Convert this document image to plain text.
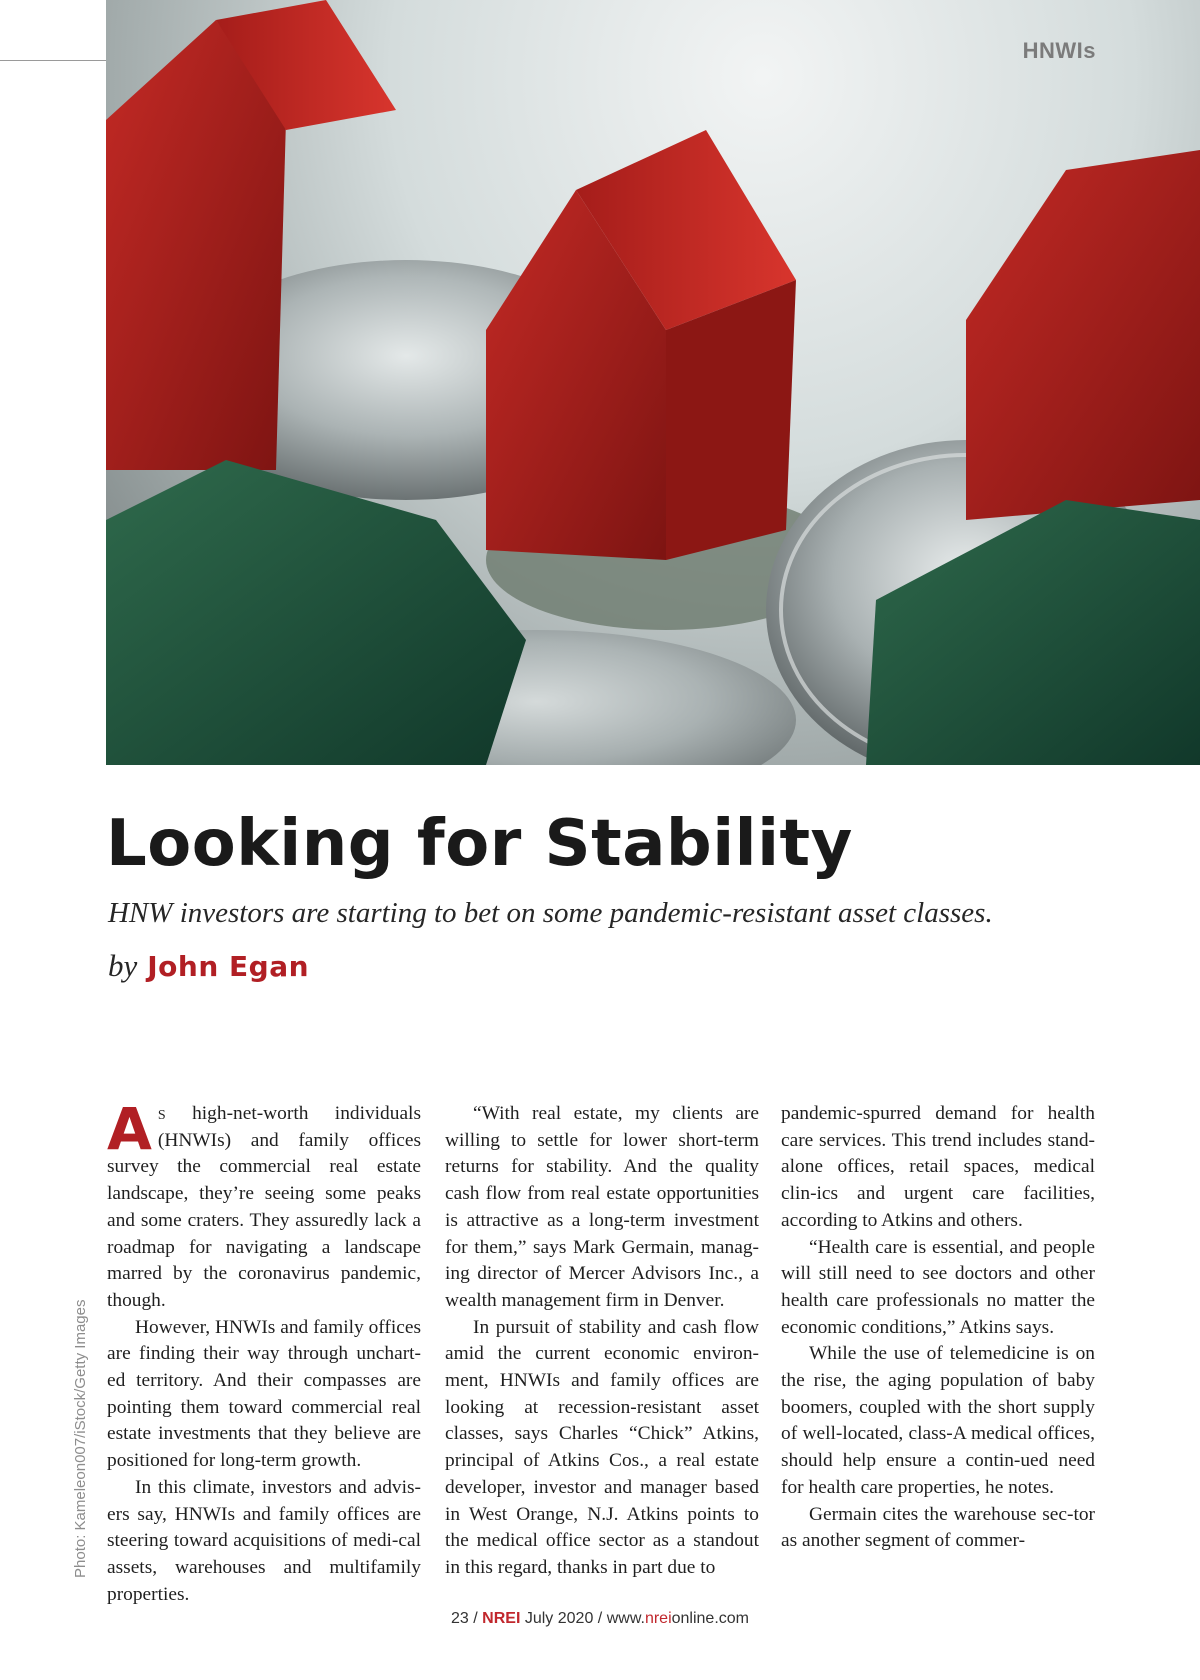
HNWIs
Photo: Kameleon007/iStock/Getty Images
Looking for Stability

HNW investors are starting to bet on some pandemic-resistant asset classes.

by John Egan

As high-net-worth individuals (HNWIs) and family offices survey the commercial real estate landscape, they’re seeing some peaks and some craters. They assuredly lack a roadmap for navigating a landscape marred by the coronavirus pandemic, though.

However, HNWIs and family offices are finding their way through unchart-ed territory. And their compasses are pointing them toward commercial real estate investments that they believe are positioned for long-term growth.

In this climate, investors and advis-ers say, HNWIs and family offices are steering toward acquisitions of medi-cal assets, warehouses and multifamily properties.

“With real estate, my clients are willing to settle for lower short-term returns for stability. And the quality cash flow from real estate opportunities is attractive as a long-term investment for them,” says Mark Germain, manag-ing director of Mercer Advisors Inc., a wealth management firm in Denver.

In pursuit of stability and cash flow amid the current economic environ-ment, HNWIs and family offices are looking at recession-resistant asset classes, says Charles “Chick” Atkins, principal of Atkins Cos., a real estate developer, investor and manager based in West Orange, N.J. Atkins points to the medical office sector as a standout in this regard, thanks in part due to

pandemic-spurred demand for health care services. This trend includes stand-alone offices, retail spaces, medical clin-ics and urgent care facilities, according to Atkins and others.

“Health care is essential, and people will still need to see doctors and other health care professionals no matter the economic conditions,” Atkins says.

While the use of telemedicine is on the rise, the aging population of baby boomers, coupled with the short supply of well-located, class-A medical offices, should help ensure a contin-ued need for health care properties, he notes.

Germain cites the warehouse sec-tor as another segment of commer-

23 / NREI July 2020 / www.nreionline.com
